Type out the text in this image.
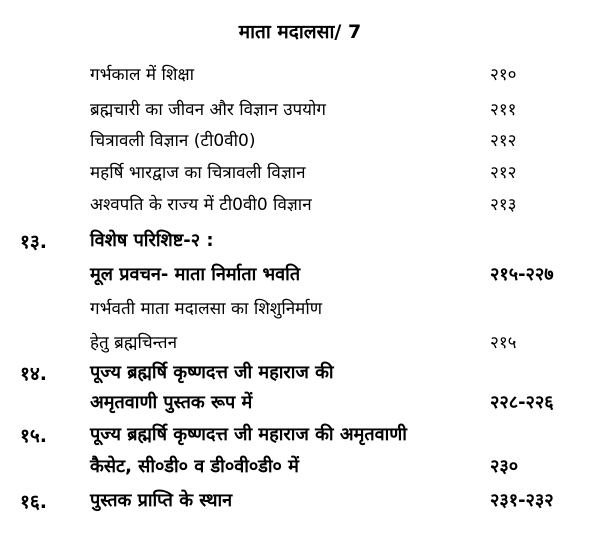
माता मदालसा/ 7
गर्भकाल में शिक्षा	२१०
ब्रह्मचारी का जीवन और विज्ञान उपयोग	२११
चित्रावली विज्ञान (टी0वी0)	२१२
महर्षि भारद्वाज का चित्रावली विज्ञान	२१२
अश्वपति के राज्य में टी0वी0 विज्ञान	२१३
१३. विशेष परिशिष्ट-२ :
मूल प्रवचन- माता निर्माता भवति	२१५-२२७
गर्भवती माता मदालसा का शिशुनिर्माण
हेतु ब्रह्मचिन्तन	२१५
१४. पूज्य ब्रह्मर्षि कृष्णदत्त जी महाराज की
अमृतवाणी पुस्तक रूप में	२२८-२२६
१५. पूज्य ब्रह्मर्षि कृष्णदत्त जी महाराज की अमृतवाणी
कैसेट, सी०डी० व डी०वी०डी० में	२३०
१६. पुस्तक प्राप्ति के स्थान	२३१-२३२
